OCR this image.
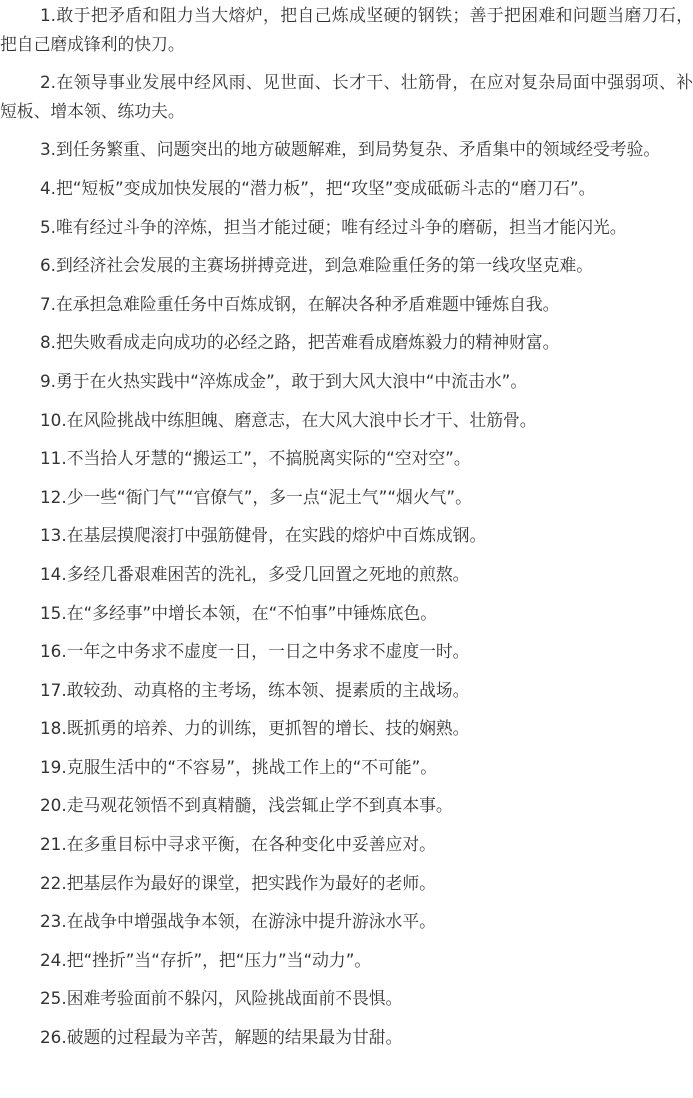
1.敢于把矛盾和阻力当大熔炉，把自己炼成坚硬的钢铁；善于把困难和问题当磨刀石，把自己磨成锋利的快刀。

2.在领导事业发展中经风雨、见世面、长才干、壮筋骨，在应对复杂局面中强弱项、补短板、增本领、练功夫。

3.到任务繁重、问题突出的地方破题解难，到局势复杂、矛盾集中的领域经受考验。

4.把“短板”变成加快发展的“潜力板”，把“攻坚”变成砥砺斗志的“磨刀石”。

5.唯有经过斗争的淬炼，担当才能过硬；唯有经过斗争的磨砺，担当才能闪光。

6.到经济社会发展的主赛场拼搏竞进，到急难险重任务的第一线攻坚克难。

7.在承担急难险重任务中百炼成钢，在解决各种矛盾难题中锤炼自我。

8.把失败看成走向成功的必经之路，把苦难看成磨炼毅力的精神财富。

9.勇于在火热实践中“淬炼成金”，敢于到大风大浪中“中流击水”。

10.在风险挑战中练胆魄、磨意志，在大风大浪中长才干、壮筋骨。

11.不当拾人牙慧的“搬运工”，不搞脱离实际的“空对空”。

12.少一些“衙门气”“官僚气”，多一点“泥土气”“烟火气”。

13.在基层摸爬滚打中强筋健骨，在实践的熔炉中百炼成钢。

14.多经几番艰难困苦的洗礼，多受几回置之死地的煎熬。

15.在“多经事”中增长本领，在“不怕事”中锤炼底色。

16.一年之中务求不虚度一日，一日之中务求不虚度一时。

17.敢较劲、动真格的主考场，练本领、提素质的主战场。

18.既抓勇的培养、力的训练，更抓智的增长、技的娴熟。

19.克服生活中的“不容易”，挑战工作上的“不可能”。

20.走马观花领悟不到真精髓，浅尝辄止学不到真本事。

21.在多重目标中寻求平衡，在各种变化中妥善应对。

22.把基层作为最好的课堂，把实践作为最好的老师。

23.在战争中增强战争本领，在游泳中提升游泳水平。

24.把“挫折”当“存折”，把“压力”当“动力”。

25.困难考验面前不躲闪，风险挑战面前不畏惧。

26.破题的过程最为辛苦，解题的结果最为甘甜。
